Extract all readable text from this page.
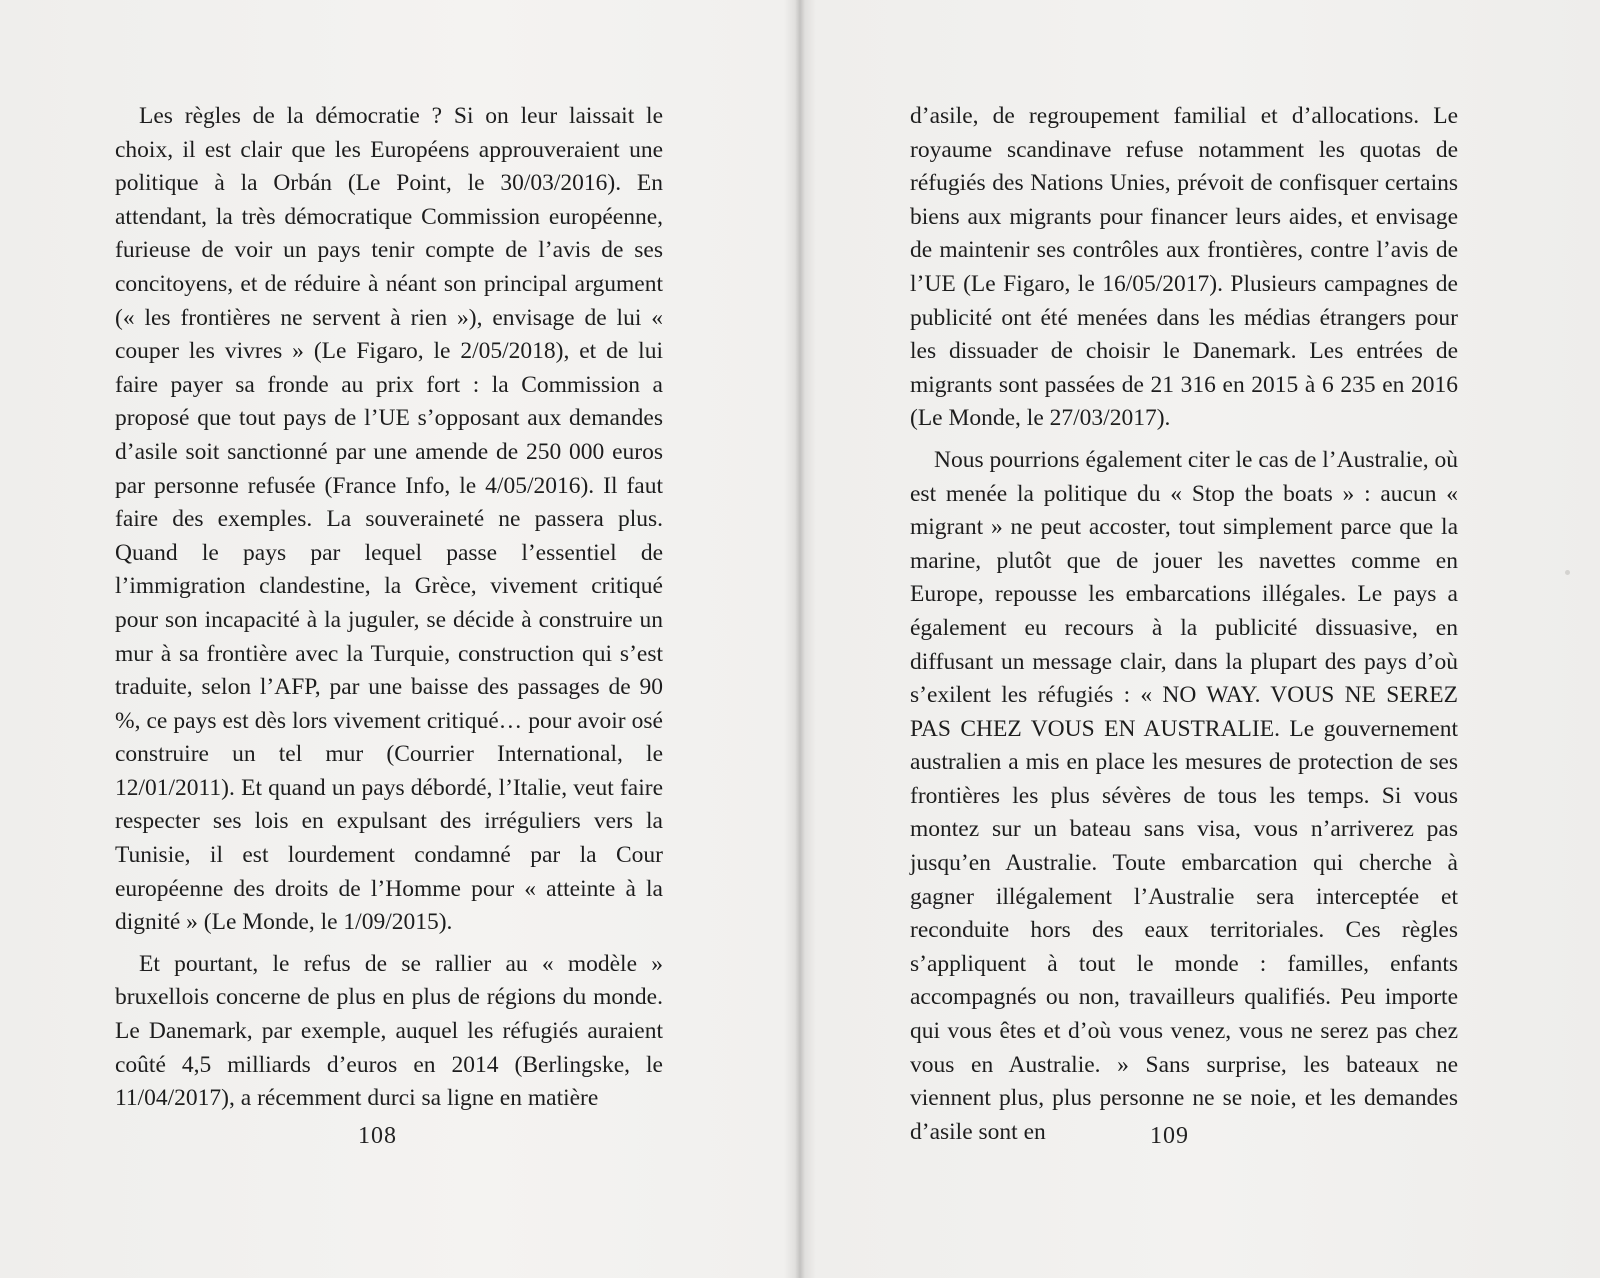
Les règles de la démocratie ? Si on leur laissait le choix, il est clair que les Européens approuveraient une politique à la Orbán (Le Point, le 30/03/2016). En attendant, la très démocratique Commission européenne, furieuse de voir un pays tenir compte de l’avis de ses concitoyens, et de réduire à néant son principal argument (« les frontières ne servent à rien »), envisage de lui « couper les vivres » (Le Figaro, le 2/05/2018), et de lui faire payer sa fronde au prix fort : la Commission a proposé que tout pays de l’UE s’opposant aux demandes d’asile soit sanctionné par une amende de 250 000 euros par personne refusée (France Info, le 4/05/2016). Il faut faire des exemples. La souveraineté ne passera plus. Quand le pays par lequel passe l’essentiel de l’immigration clandestine, la Grèce, vivement critiqué pour son incapacité à la juguler, se décide à construire un mur à sa frontière avec la Turquie, construction qui s’est traduite, selon l’AFP, par une baisse des passages de 90 %, ce pays est dès lors vivement critiqué… pour avoir osé construire un tel mur (Courrier International, le 12/01/2011). Et quand un pays débordé, l’Italie, veut faire respecter ses lois en expulsant des irréguliers vers la Tunisie, il est lourdement condamné par la Cour européenne des droits de l’Homme pour « atteinte à la dignité » (Le Monde, le 1/09/2015).

Et pourtant, le refus de se rallier au « modèle » bruxellois concerne de plus en plus de régions du monde. Le Danemark, par exemple, auquel les réfugiés auraient coûté 4,5 milliards d’euros en 2014 (Berlingske, le 11/04/2017), a récemment durci sa ligne en matière

108

d’asile, de regroupement familial et d’allocations. Le royaume scandinave refuse notamment les quotas de réfugiés des Nations Unies, prévoit de confisquer certains biens aux migrants pour financer leurs aides, et envisage de maintenir ses contrôles aux frontières, contre l’avis de l’UE (Le Figaro, le 16/05/2017). Plusieurs campagnes de publicité ont été menées dans les médias étrangers pour les dissuader de choisir le Danemark. Les entrées de migrants sont passées de 21 316 en 2015 à 6 235 en 2016 (Le Monde, le 27/03/2017).

Nous pourrions également citer le cas de l’Australie, où est menée la politique du « Stop the boats » : aucun « migrant » ne peut accoster, tout simplement parce que la marine, plutôt que de jouer les navettes comme en Europe, repousse les embarcations illégales. Le pays a également eu recours à la publicité dissuasive, en diffusant un message clair, dans la plupart des pays d’où s’exilent les réfugiés : « NO WAY. VOUS NE SEREZ PAS CHEZ VOUS EN AUSTRALIE. Le gouvernement australien a mis en place les mesures de protection de ses frontières les plus sévères de tous les temps. Si vous montez sur un bateau sans visa, vous n’arriverez pas jusqu’en Australie. Toute embarcation qui cherche à gagner illégalement l’Australie sera interceptée et reconduite hors des eaux territoriales. Ces règles s’appliquent à tout le monde : familles, enfants accompagnés ou non, travailleurs qualifiés. Peu importe qui vous êtes et d’où vous venez, vous ne serez pas chez vous en Australie. » Sans surprise, les bateaux ne viennent plus, plus personne ne se noie, et les demandes d’asile sont en	109
